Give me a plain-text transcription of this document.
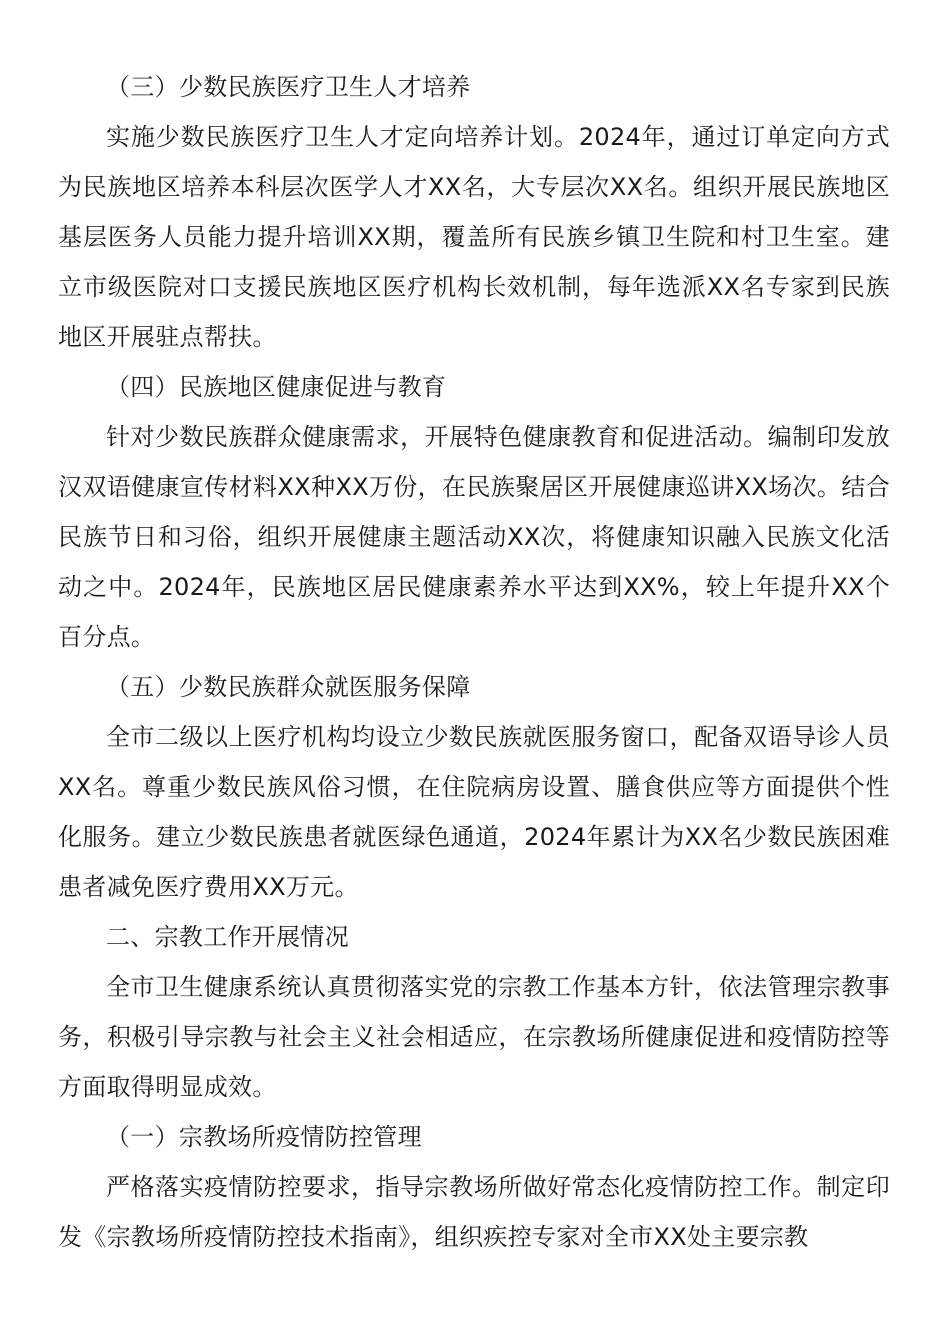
（三）少数民族医疗卫生人才培养

实施少数民族医疗卫生人才定向培养计划。2024年，通过订单定向方式为民族地区培养本科层次医学人才XX名，大专层次XX名。组织开展民族地区基层医务人员能力提升培训XX期，覆盖所有民族乡镇卫生院和村卫生室。建立市级医院对口支援民族地区医疗机构长效机制，每年选派XX名专家到民族地区开展驻点帮扶。

（四）民族地区健康促进与教育

针对少数民族群众健康需求，开展特色健康教育和促进活动。编制印发放汉双语健康宣传材料XX种XX万份，在民族聚居区开展健康巡讲XX场次。结合民族节日和习俗，组织开展健康主题活动XX次，将健康知识融入民族文化活动之中。2024年，民族地区居民健康素养水平达到XX%，较上年提升XX个百分点。

（五）少数民族群众就医服务保障

全市二级以上医疗机构均设立少数民族就医服务窗口，配备双语导诊人员XX名。尊重少数民族风俗习惯，在住院病房设置、膳食供应等方面提供个性化服务。建立少数民族患者就医绿色通道，2024年累计为XX名少数民族困难患者减免医疗费用XX万元。

二、宗教工作开展情况

全市卫生健康系统认真贯彻落实党的宗教工作基本方针，依法管理宗教事务，积极引导宗教与社会主义社会相适应，在宗教场所健康促进和疫情防控等方面取得明显成效。

（一）宗教场所疫情防控管理

严格落实疫情防控要求，指导宗教场所做好常态化疫情防控工作。制定印发《宗教场所疫情防控技术指南》，组织疾控专家对全市XX处主要宗教
